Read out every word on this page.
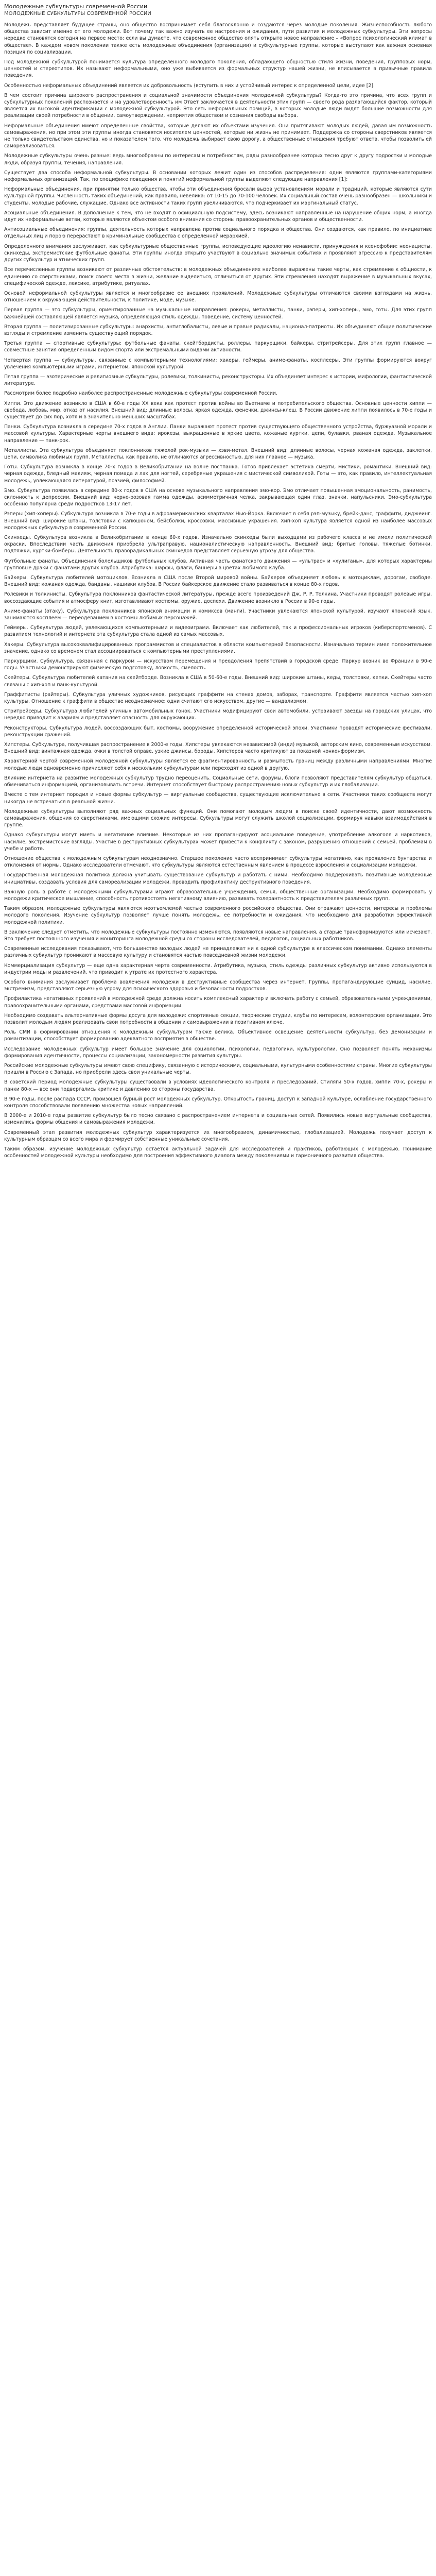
Молодежные субкультуры современной России
МОЛОДЕЖНЫЕ СУБКУЛЬТУРЫ СОВРЕМЕННОЙ РОССИИ

Молодежь представляет будущее страны, оно общество воспринимает себя благосклонно и создаются через молодые поколения. Жизнеспособность любого общества зависит именно от его молодежи. Вот почему так важно изучать ее настроения и ожидания, пути развития и молодежных субкультуры. Эти вопросы нередко становятся сегодня на первое место: если вы думаете, что современное общество опять открыто новое направление – «Вопрос психологический климат в обществе». В каждом новом поколении также есть молодежные объединения (организации) и субкультурные группы, которые выступают как важная основная позиция по социализации.

Под молодежной субкультурой понимается культура определенного молодого поколения, обладающего общностью стиля жизни, поведения, групповых норм, ценностей и стереотипов. Их называют неформальными, оно уже выбивается из формальных структур нашей жизни, не вписывается в привычные правила поведения.

Особенностью неформальных объединений является их добровольность (вступить в них и устойчивый интерес к определенной цели, идее [2].

В чем состоит причина широкого распространения и социальной значимости объединения молодежной субкультуры? Когда-то это причина, что всех групп и субкультурных поколений распознается и на удовлетворенность им Ответ заключается в деятельности этих групп — своего рода разлагающийся фактор, который является их высокой идентификации с молодежной субкультурой. Это сеть неформальных позиций, в которых молодые люди видят большие возможности для реализации своей потребности в общении, самоутверждении, неприятия обществом и сознания свободы выбора.

Неформальные объединения имеют определенные свойства, которые делают их объектами изучения. Они притягивают молодых людей, давая им возможность самовыражения, но при этом эти группы иногда становятся носителем ценностей, которые ни жизнь не принимает. Поддержка со стороны сверстников является не только свидетельством единства, но и показателем того, что молодежь выбирает свою дорогу, а общественные отношения требуют ответа, чтобы позволить ей самореализоваться.

Молодежные субкультуры очень разные: ведь многообразны по интересам и потребностям, ряды разнообразнее которых тесно друг к другу подростки и молодые люди, образуя группы, течения, направления.

Существует два способа неформальной субкультуры. В основании которых лежит один из способов распределения: одни являются группами-категориями неформальных организаций. Так, по специфике поведения и понятий неформальной группы выделяют следующие направления [1]:

Неформальные объединения, при принятии только общества, чтобы эти объединения бросали вызов установлениям морали и традиций, которые являются сути культурной группы. Численность таких объединений, как правило, невелика: от 10-15 до 70-100 человек. Их социальный состав очень разнообразен — школьники и студенты, молодые рабочие, служащие. Однако все активности таких групп увеличиваются, что подчеркивает их маргинальный статус.

Асоциальные объединения. В дополнение к тем, что не входят в официальную подсистему, здесь возникают направленные на нарушение общих норм, а иногда идут их неформальные ветви, которые являются объектом особого внимания со стороны правоохранительных органов и общественности.

Антисоциальные объединения: группы, деятельность которых направлена против социального порядка и общества. Они создаются, как правило, по инициативе отдельных лиц и порою перерастают в криминальные сообщества с определенной иерархией.

Определенного внимания заслуживает, как субкультурные общественные группы, исповедующие идеологию ненависти, принуждения и ксенофобии: неонацисты, скинхеды, экстремистские футбольные фанаты. Эти группы иногда открыто участвуют в социально значимых событиях и проявляют агрессию к представителям других субкультур и этнических групп.

Все перечисленные группы возникают от различных обстоятельств: в молодежных объединениях наиболее выражены такие черты, как стремление к общности, к единению со сверстниками, поиск своего места в жизни, желание выделиться, отличиться от других. Эти стремления находят выражение в музыкальных вкусах, специфической одежде, лексике, атрибутике, ритуалах.

Основой неформальной субкультуры является и многообразие ее внешних проявлений. Молодежные субкультуры отличаются своими взглядами на жизнь, отношением к окружающей действительности, к политике, моде, музыке.

Первая группа — это субкультуры, ориентированные на музыкальные направления: рокеры, металлисты, панки, рэперы, хип-хоперы, эмо, готы. Для этих групп важнейшей составляющей является музыка, определяющая стиль одежды, поведение, систему ценностей.

Вторая группа — политизированные субкультуры: анархисты, антиглобалисты, левые и правые радикалы, национал-патриоты. Их объединяют общие политические взгляды и стремление изменить существующий порядок.

Третья группа — спортивные субкультуры: футбольные фанаты, скейтбордисты, роллеры, паркурщики, байкеры, стритрейсеры. Для этих групп главное — совместные занятия определенным видом спорта или экстремальными видами активности.

Четвертая группа — субкультуры, связанные с компьютерными технологиями: хакеры, геймеры, аниме-фанаты, косплееры. Эти группы формируются вокруг увлечения компьютерными играми, интернетом, японской культурой.

Пятая группа — эзотерические и религиозные субкультуры, ролевики, толкинисты, реконструкторы. Их объединяет интерес к истории, мифологии, фантастической литературе.

Рассмотрим более подробно наиболее распространенные молодежные субкультуры современной России.

Хиппи. Это движение возникло в США в 60-е годы XX века как протест против войны во Вьетнаме и потребительского общества. Основные ценности хиппи — свобода, любовь, мир, отказ от насилия. Внешний вид: длинные волосы, яркая одежда, фенечки, джинсы-клеш. В России движение хиппи появилось в 70-е годы и существует до сих пор, хотя и в значительно меньших масштабах.

Панки. Субкультура возникла в середине 70-х годов в Англии. Панки выражают протест против существующего общественного устройства, буржуазной морали и массовой культуры. Характерные черты внешнего вида: ирокезы, выкрашенные в яркие цвета, кожаные куртки, цепи, булавки, рваная одежда. Музыкальное направление — панк-рок.

Металлисты. Эта субкультура объединяет поклонников тяжелой рок-музыки — хэви-метал. Внешний вид: длинные волосы, черная кожаная одежда, заклепки, цепи, символика любимых групп. Металлисты, как правило, не отличаются агрессивностью, для них главное — музыка.

Готы. Субкультура возникла в конце 70-х годов в Великобритании на волне постпанка. Готов привлекает эстетика смерти, мистики, романтики. Внешний вид: черная одежда, бледный макияж, черная помада и лак для ногтей, серебряные украшения с мистической символикой. Готы — это, как правило, интеллектуальная молодежь, увлекающаяся литературой, поэзией, философией.

Эмо. Субкультура появилась в середине 80-х годов в США на основе музыкального направления эмо-кор. Эмо отличает повышенная эмоциональность, ранимость, склонность к депрессии. Внешний вид: черно-розовая гамма одежды, асимметричная челка, закрывающая один глаз, значки, напульсники. Эмо-субкультура особенно популярна среди подростков 13-17 лет.

Рэперы (хип-хоперы). Субкультура возникла в 70-е годы в афроамериканских кварталах Нью-Йорка. Включает в себя рэп-музыку, брейк-данс, граффити, диджеинг. Внешний вид: широкие штаны, толстовки с капюшоном, бейсболки, кроссовки, массивные украшения. Хип-хоп культура является одной из наиболее массовых молодежных субкультур в современной России.

Скинхеды. Субкультура возникла в Великобритании в конце 60-х годов. Изначально скинхеды были выходцами из рабочего класса и не имели политической окраски. Впоследствии часть движения приобрела ультраправую, националистическую направленность. Внешний вид: бритые головы, тяжелые ботинки, подтяжки, куртки-бомберы. Деятельность праворадикальных скинхедов представляет серьезную угрозу для общества.

Футбольные фанаты. Объединения болельщиков футбольных клубов. Активная часть фанатского движения — «ультрас» и «хулиганы», для которых характерны групповые драки с фанатами других клубов. Атрибутика: шарфы, флаги, баннеры в цветах любимого клуба.

Байкеры. Субкультура любителей мотоциклов. Возникла в США после Второй мировой войны. Байкеров объединяет любовь к мотоциклам, дорогам, свободе. Внешний вид: кожаная одежда, банданы, нашивки клубов. В России байкерское движение стало развиваться в конце 80-х годов.

Ролевики и толкинисты. Субкультура поклонников фантастической литературы, прежде всего произведений Дж. Р. Р. Толкина. Участники проводят ролевые игры, воссоздающие события и атмосферу книг, изготавливают костюмы, оружие, доспехи. Движение возникло в России в 90-е годы.

Аниме-фанаты (отаку). Субкультура поклонников японской анимации и комиксов (манги). Участники увлекаются японской культурой, изучают японский язык, занимаются косплеем — переодеванием в костюмы любимых персонажей.

Геймеры. Субкультура людей, увлекающихся компьютерными и видеоиграми. Включает как любителей, так и профессиональных игроков (киберспортсменов). С развитием технологий и интернета эта субкультура стала одной из самых массовых.

Хакеры. Субкультура высококвалифицированных программистов и специалистов в области компьютерной безопасности. Изначально термин имел положительное значение, однако со временем стал ассоциироваться с компьютерными преступлениями.

Паркурщики. Субкультура, связанная с паркуром — искусством перемещения и преодоления препятствий в городской среде. Паркур возник во Франции в 90-е годы. Участники демонстрируют физическую подготовку, ловкость, смелость.

Скейтеры. Субкультура любителей катания на скейтборде. Возникла в США в 50-60-е годы. Внешний вид: широкие штаны, кеды, толстовки, кепки. Скейтеры часто связаны с хип-хоп и панк-культурой.

Граффитисты (райтеры). Субкультура уличных художников, рисующих граффити на стенах домов, заборах, транспорте. Граффити является частью хип-хоп культуры. Отношение к граффити в обществе неоднозначное: одни считают его искусством, другие — вандализмом.

Стритрейсеры. Субкультура любителей уличных автомобильных гонок. Участники модифицируют свои автомобили, устраивают заезды на городских улицах, что нередко приводит к авариям и представляет опасность для окружающих.

Реконструкторы. Субкультура людей, воссоздающих быт, костюмы, вооружение определенной исторической эпохи. Участники проводят исторические фестивали, реконструкции сражений.

Хипстеры. Субкультура, получившая распространение в 2000-е годы. Хипстеры увлекаются независимой (инди) музыкой, авторским кино, современным искусством. Внешний вид: винтажная одежда, очки в толстой оправе, узкие джинсы, бороды. Хипстеров часто критикуют за показной нонконформизм.

Характерной чертой современной молодежной субкультуры является ее фрагментированность и размытость границ между различными направлениями. Многие молодые люди одновременно причисляют себя к нескольким субкультурам или переходят из одной в другую.

Влияние интернета на развитие молодежных субкультур трудно переоценить. Социальные сети, форумы, блоги позволяют представителям субкультур общаться, обмениваться информацией, организовывать встречи. Интернет способствует быстрому распространению новых субкультур и их глобализации.

Вместе с тем интернет породил и новые формы субкультур — виртуальные сообщества, существующие исключительно в сети. Участники таких сообществ могут никогда не встречаться в реальной жизни.

Молодежные субкультуры выполняют ряд важных социальных функций. Они помогают молодым людям в поиске своей идентичности, дают возможность самовыражения, общения со сверстниками, имеющими схожие интересы. Субкультуры могут служить школой социализации, формируя навыки взаимодействия в группе.

Однако субкультуры могут иметь и негативное влияние. Некоторые из них пропагандируют асоциальное поведение, употребление алкоголя и наркотиков, насилие, экстремистские взгляды. Участие в деструктивных субкультурах может привести к конфликту с законом, разрушению отношений с семьей, проблемам в учебе и работе.

Отношение общества к молодежным субкультурам неоднозначно. Старшее поколение часто воспринимает субкультуры негативно, как проявление бунтарства и отклонения от нормы. Однако исследователи отмечают, что субкультуры являются естественным явлением в процессе взросления и социализации молодежи.

Государственная молодежная политика должна учитывать существование субкультур и работать с ними. Необходимо поддерживать позитивные молодежные инициативы, создавать условия для самореализации молодежи, проводить профилактику деструктивного поведения.

Важную роль в работе с молодежными субкультурами играют образовательные учреждения, семья, общественные организации. Необходимо формировать у молодежи критическое мышление, способность противостоять негативному влиянию, развивать толерантность к представителям различных групп.

Таким образом, молодежные субкультуры являются неотъемлемой частью современного российского общества. Они отражают ценности, интересы и проблемы молодого поколения. Изучение субкультур позволяет лучше понять молодежь, ее потребности и ожидания, что необходимо для разработки эффективной молодежной политики.

В заключение следует отметить, что молодежные субкультуры постоянно изменяются, появляются новые направления, а старые трансформируются или исчезают. Это требует постоянного изучения и мониторинга молодежной среды со стороны исследователей, педагогов, социальных работников.

Современные исследования показывают, что большинство молодых людей не принадлежат ни к одной субкультуре в классическом понимании. Однако элементы различных субкультур проникают в массовую культуру и становятся частью повседневной жизни молодежи.

Коммерциализация субкультур — еще одна характерная черта современности. Атрибутика, музыка, стиль одежды различных субкультур активно используются в индустрии моды и развлечений, что приводит к утрате их протестного характера.

Особого внимания заслуживает проблема вовлечения молодежи в деструктивные сообщества через интернет. Группы, пропагандирующие суицид, насилие, экстремизм, представляют серьезную угрозу для психического здоровья и безопасности подростков.

Профилактика негативных проявлений в молодежной среде должна носить комплексный характер и включать работу с семьей, образовательными учреждениями, правоохранительными органами, средствами массовой информации.

Необходимо создавать альтернативные формы досуга для молодежи: спортивные секции, творческие студии, клубы по интересам, волонтерские организации. Это позволит молодым людям реализовать свои потребности в общении и самовыражении в позитивном ключе.

Роль СМИ в формировании отношения к молодежным субкультурам также велика. Объективное освещение деятельности субкультур, без демонизации и романтизации, способствует формированию адекватного восприятия в обществе.

Исследование молодежных субкультур имеет большое значение для социологии, психологии, педагогики, культурологии. Оно позволяет понять механизмы формирования идентичности, процессы социализации, закономерности развития культуры.

Российские молодежные субкультуры имеют свою специфику, связанную с историческими, социальными, культурными особенностями страны. Многие субкультуры пришли в Россию с Запада, но приобрели здесь свои уникальные черты.

В советский период молодежные субкультуры существовали в условиях идеологического контроля и преследований. Стиляги 50-х годов, хиппи 70-х, рокеры и панки 80-х — все они подвергались критике и давлению со стороны государства.

В 90-е годы, после распада СССР, произошел бурный рост молодежных субкультур. Открытость границ, доступ к западной культуре, ослабление государственного контроля способствовали появлению множества новых направлений.

В 2000-е и 2010-е годы развитие субкультур было тесно связано с распространением интернета и социальных сетей. Появились новые виртуальные сообщества, изменились формы общения и самовыражения молодежи.

Современный этап развития молодежных субкультур характеризуется их многообразием, динамичностью, глобализацией. Молодежь получает доступ к культурным образцам со всего мира и формирует собственные уникальные сочетания.

Таким образом, изучение молодежных субкультур остается актуальной задачей для исследователей и практиков, работающих с молодежью. Понимание особенностей молодежной культуры необходимо для построения эффективного диалога между поколениями и гармоничного развития общества.
